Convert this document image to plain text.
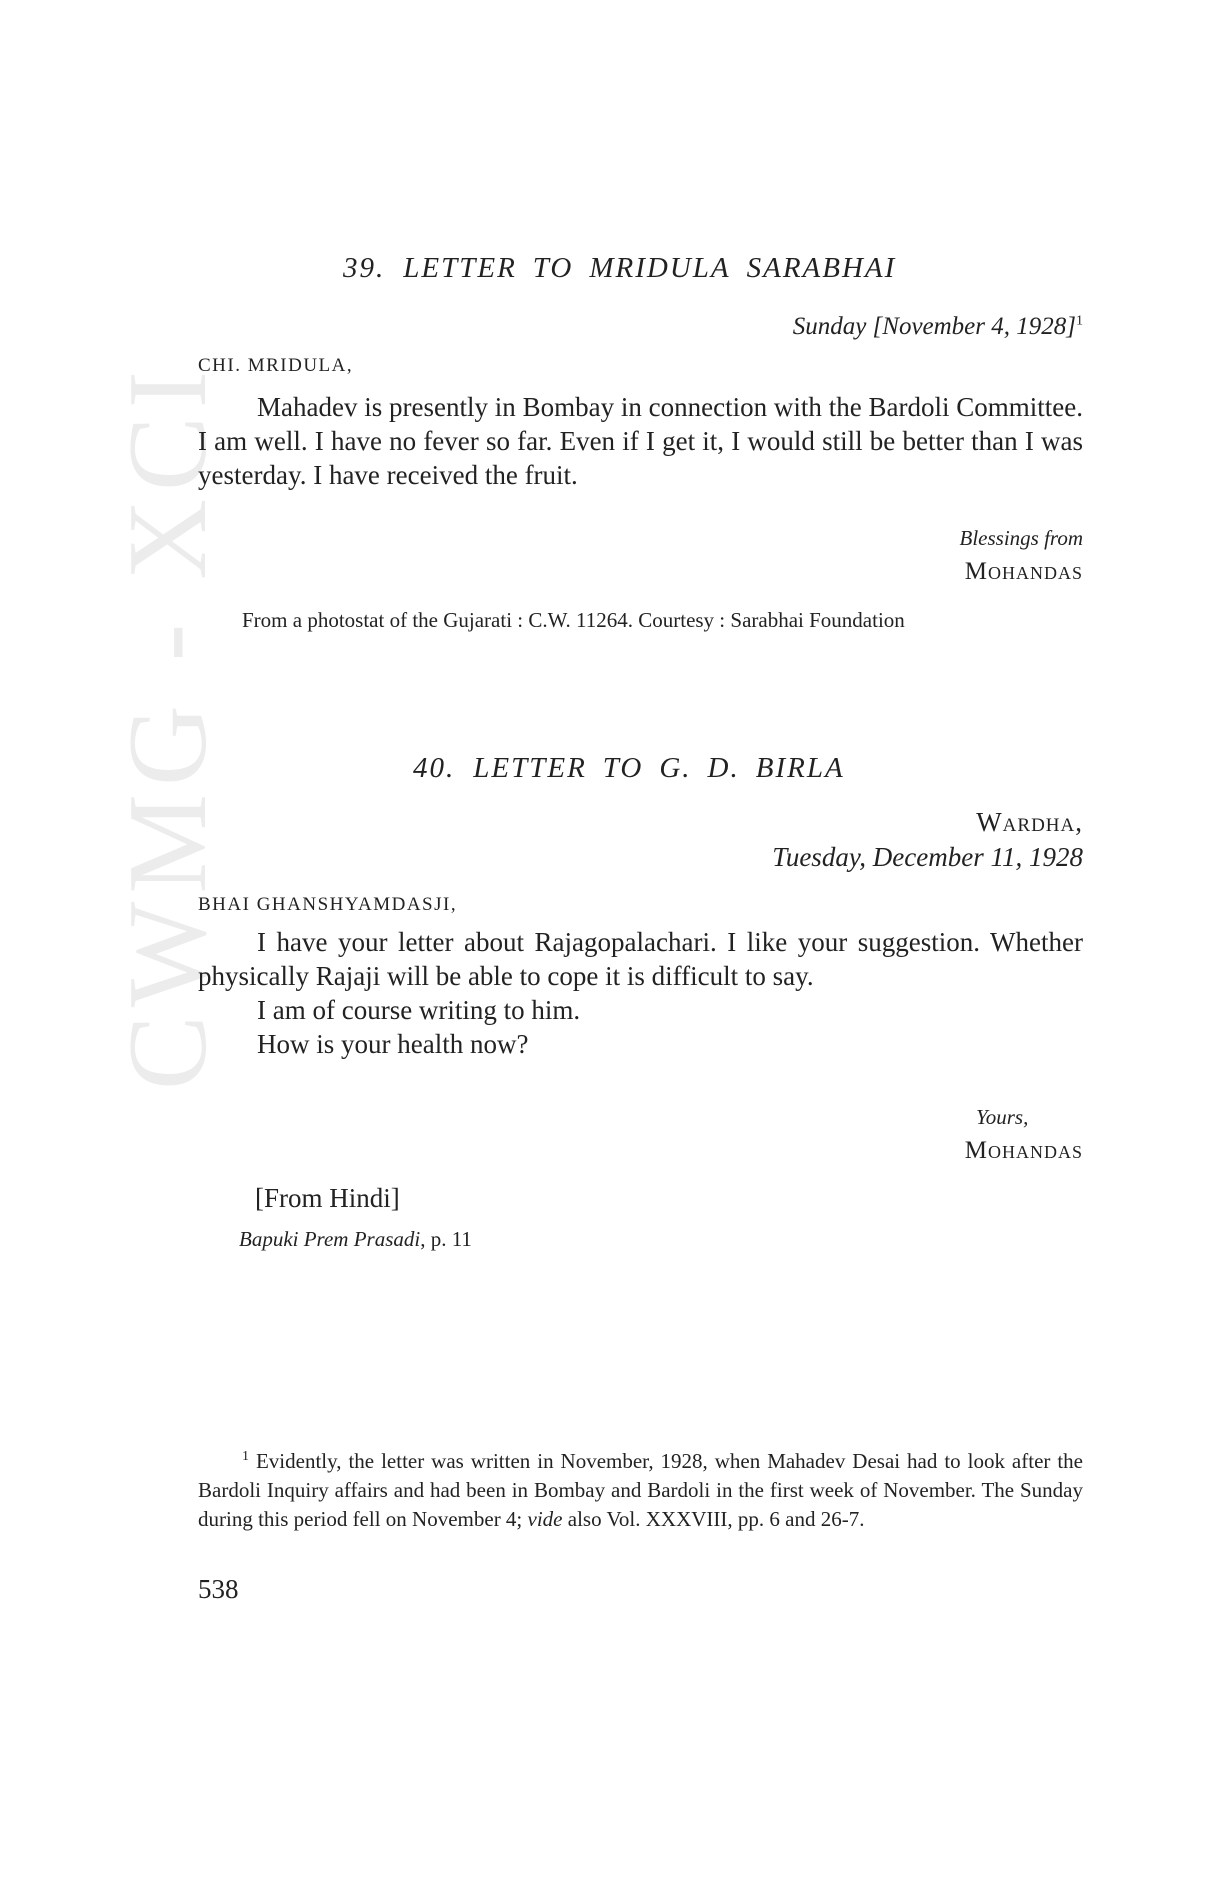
CWMG - XCI
39. LETTER TO MRIDULA SARABHAI
Sunday [November 4, 1928]$^1$
CHI. MRIDULA,

Mahadev is presently in Bombay in connection with the Bardoli Committee. I am well. I have no fever so far. Even if I get it, I would still be better than I was yesterday. I have received the fruit.

Blessings from
Mohandas

From a photostat of the Gujarati : C.W. 11264. Courtesy : Sarabhai Foundation

40. LETTER TO G. D. BIRLA
Wardha,
Tuesday, December 11, 1928
BHAI GHANSHYAMDASJI,

I have your letter about Rajagopalachari. I like your suggestion. Whether physically Rajaji will be able to cope it is difficult to say.

I am of course writing to him.

How is your health now?

Yours,
Mohandas
[From Hindi]
Bapuki Prem Prasadi, p. 11

$^1$ Evidently, the letter was written in November, 1928, when Mahadev Desai had to look after the Bardoli Inquiry affairs and had been in Bombay and Bardoli in the first week of November. The Sunday during this period fell on November 4; vide also Vol. XXXVIII, pp. 6 and 26-7.

538
